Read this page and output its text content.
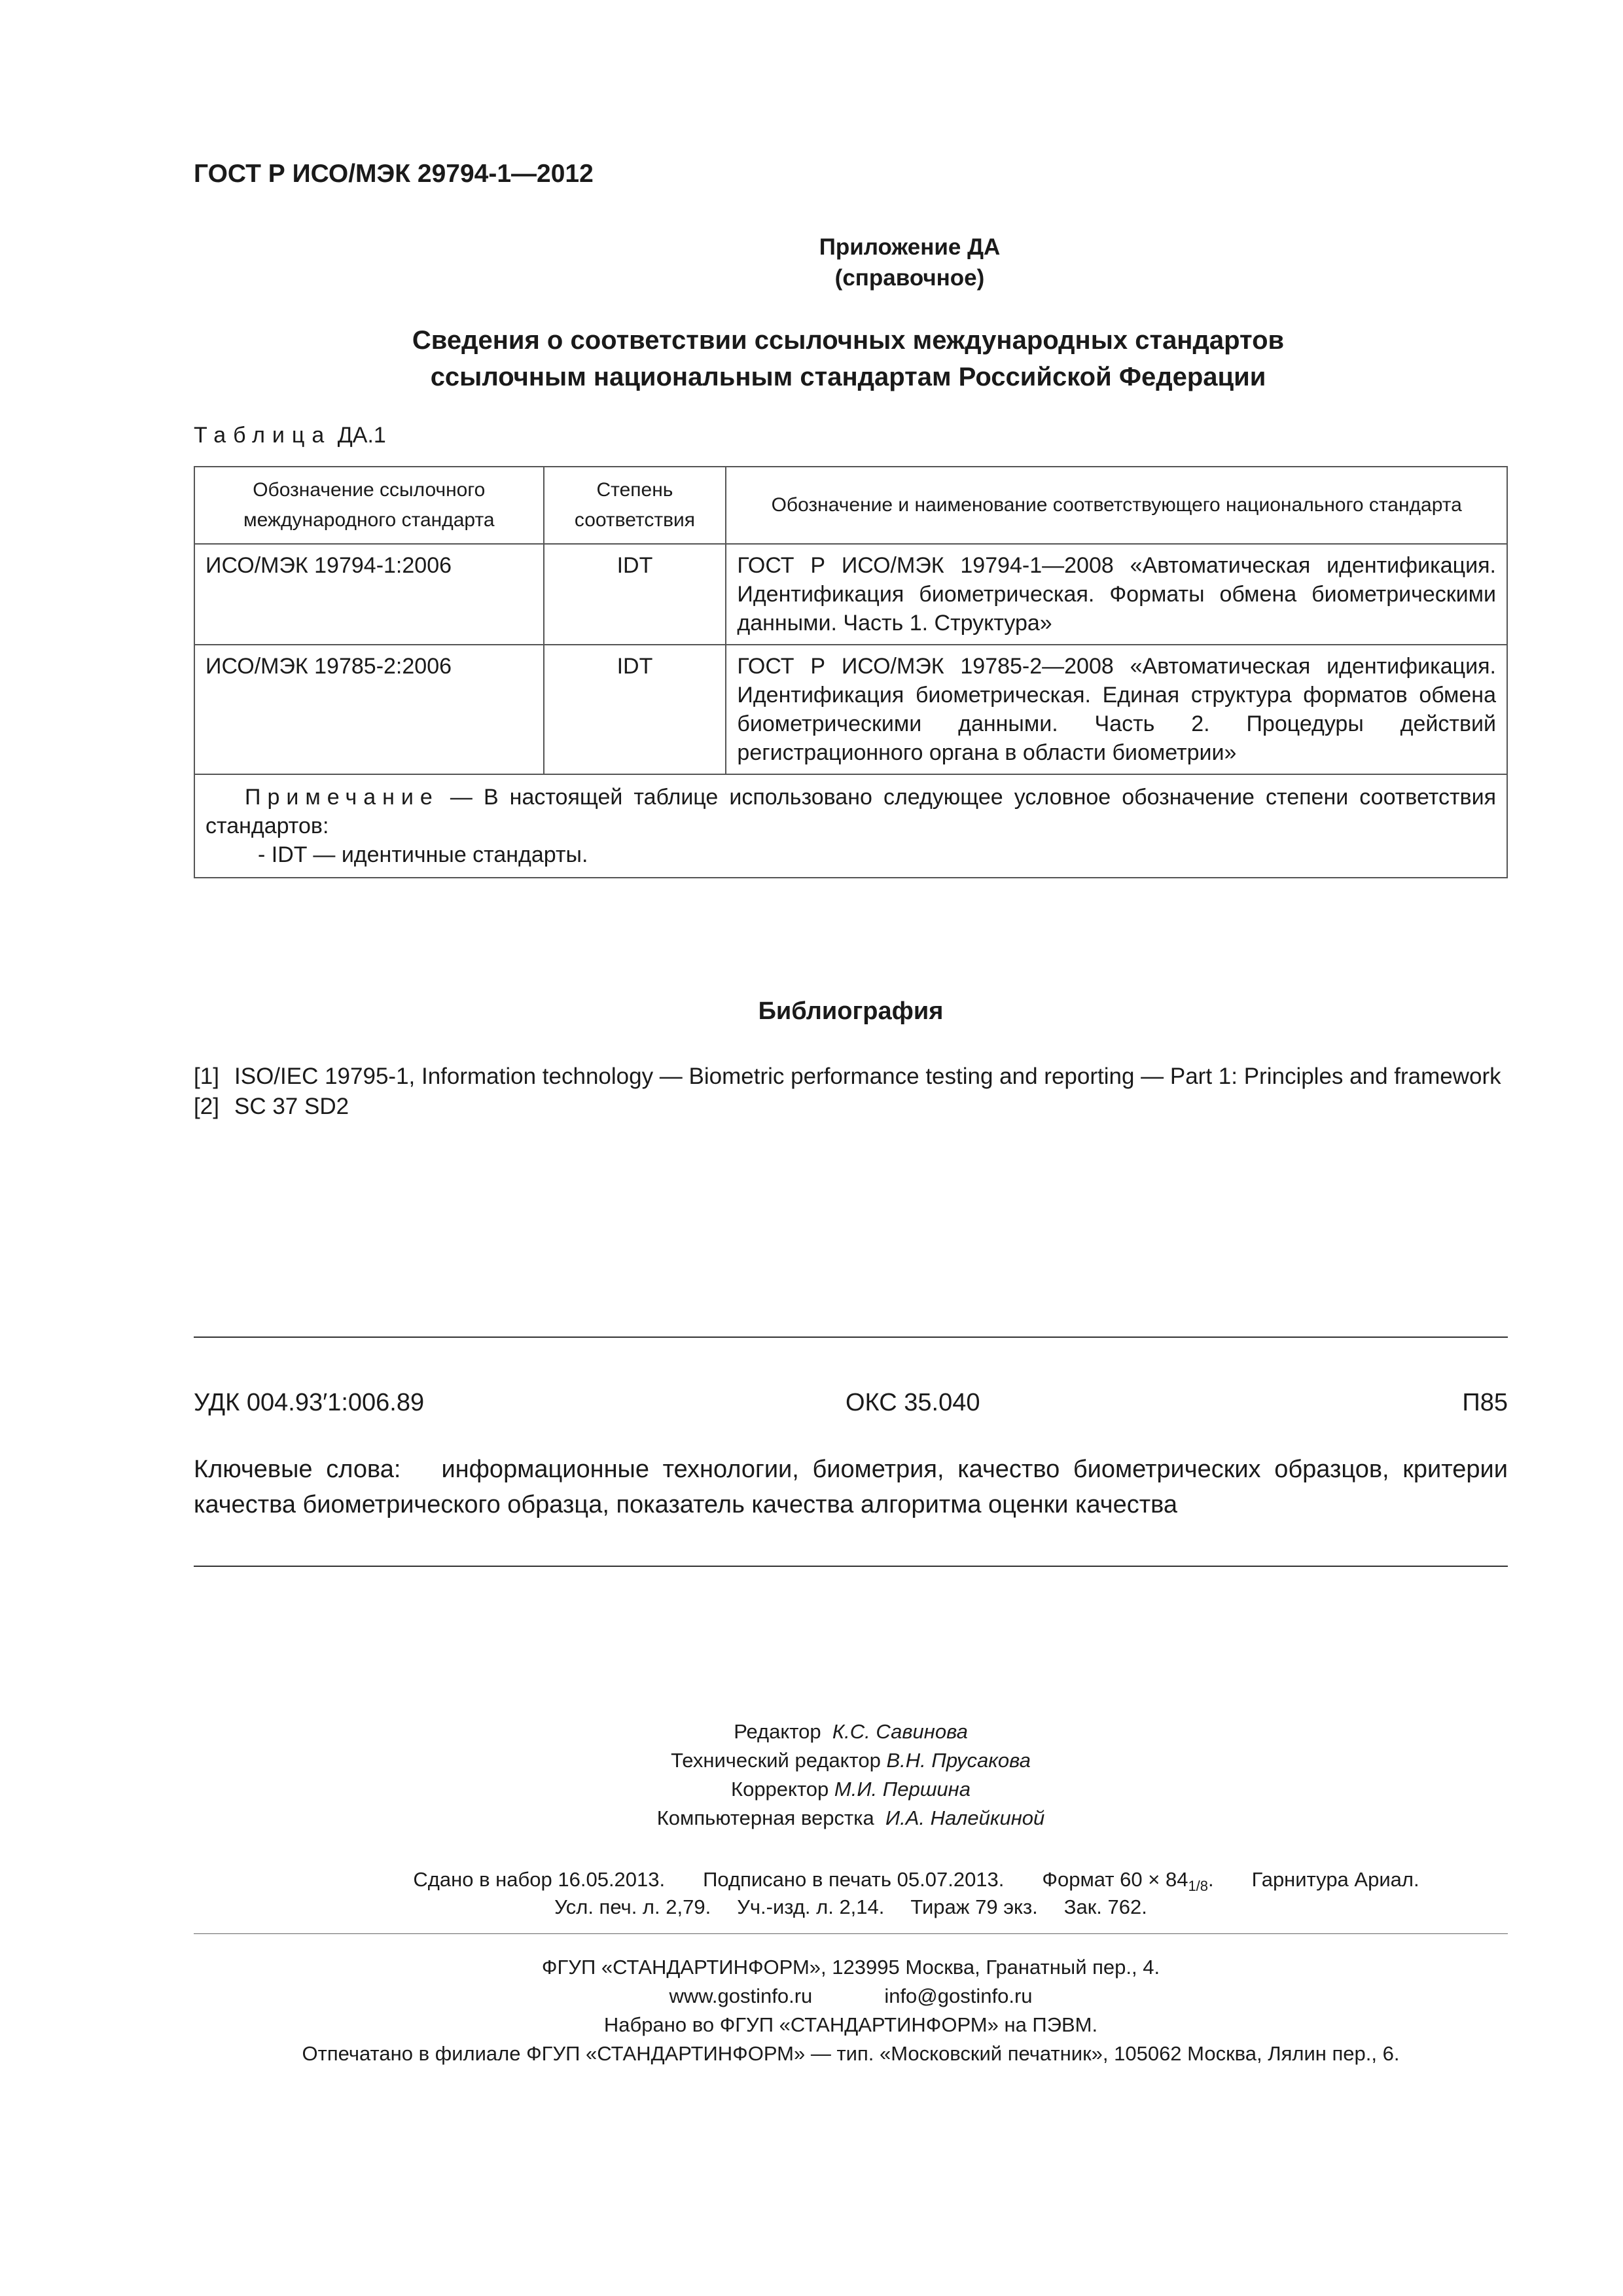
ГОСТ Р ИСО/МЭК 29794-1—2012
Приложение ДА
(справочное)
Сведения о соответствии ссылочных международных стандартов
ссылочным национальным стандартам Российской Федерации
Таблица ДА.1
Обозначение ссылочного международного стандарта	Степень соответствия	Обозначение и наименование соответствующего национального стандарта
ИСО/МЭК 19794-1:2006	IDT	ГОСТ Р ИСО/МЭК 19794-1—2008 «Автоматическая идентификация. Идентификация биометрическая. Форматы обмена биометрическими данными. Часть 1. Структура»
ИСО/МЭК 19785-2:2006	IDT	ГОСТ Р ИСО/МЭК 19785-2—2008 «Автоматическая идентификация. Идентификация биометрическая. Единая структура форматов обмена биометрическими данными. Часть 2. Процедуры действий регистрационного органа в области биометрии»

Примечание — В настоящей таблице использовано следующее условное обозначение степени соответствия стандартов:
- IDT — идентичные стандарты.		
Библиография
[1] ISO/IEC 19795-1, Information technology — Biometric performance testing and reporting — Part 1: Principles and framework
[2] SC 37 SD2
УДК 004.93′1:006.89	ОКС 35.040	П85
Ключевые слова: информационные технологии, биометрия, качество биометрических образцов, критерии качества биометрического образца, показатель качества алгоритма оценки качества
Редактор К.С. Савинова
Технический редактор В.Н. Прусакова
Корректор М.И. Першина
Компьютерная верстка И.А. Налейкиной
Сдано в набор 16.05.2013. Подписано в печать 05.07.2013. Формат $60 \times 84_{1/8}$. Гарнитура Ариал.
Усл. печ. л. 2,79. Уч.-изд. л. 2,14. Тираж 79 экз. Зак. 762.
ФГУП «СТАНДАРТИНФОРМ», 123995 Москва, Гранатный пер., 4.
www.gostinfo.ru	info@gostinfo.ru
Набрано во ФГУП «СТАНДАРТИНФОРМ» на ПЭВМ.
Отпечатано в филиале ФГУП «СТАНДАРТИНФОРМ» — тип. «Московский печатник», 105062 Москва, Лялин пер., 6.
